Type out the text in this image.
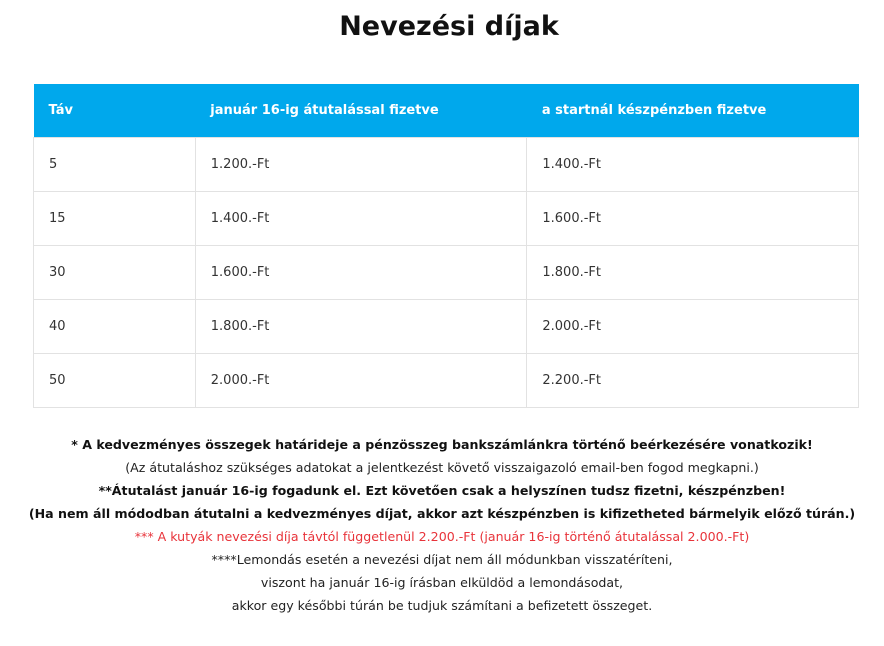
Nevezési díjak
Táv	január 16-ig átutalással fizetve	a startnál készpénzben fizetve
5	1.200.-Ft	1.400.-Ft
15	1.400.-Ft	1.600.-Ft
30	1.600.-Ft	1.800.-Ft
40	1.800.-Ft	2.000.-Ft
50	2.000.-Ft	2.200.-Ft

* A kedvezményes összegek határideje a pénzösszeg bankszámlánkra történő beérkezésére vonatkozik!

(Az átutaláshoz szükséges adatokat a jelentkezést követő visszaigazoló email-ben fogod megkapni.)

**Átutalást január 16-ig fogadunk el. Ezt követően csak a helyszínen tudsz fizetni, készpénzben!

(Ha nem áll módodban átutalni a kedvezményes díjat, akkor azt készpénzben is kifizetheted bármelyik előző túrán.)

*** A kutyák nevezési díja távtól függetlenül 2.200.-Ft (január 16-ig történő átutalással 2.000.-Ft)

****Lemondás esetén a nevezési díjat nem áll módunkban visszatéríteni,

viszont ha január 16-ig írásban elküldöd a lemondásodat,

akkor egy későbbi túrán be tudjuk számítani a befizetett összeget.
